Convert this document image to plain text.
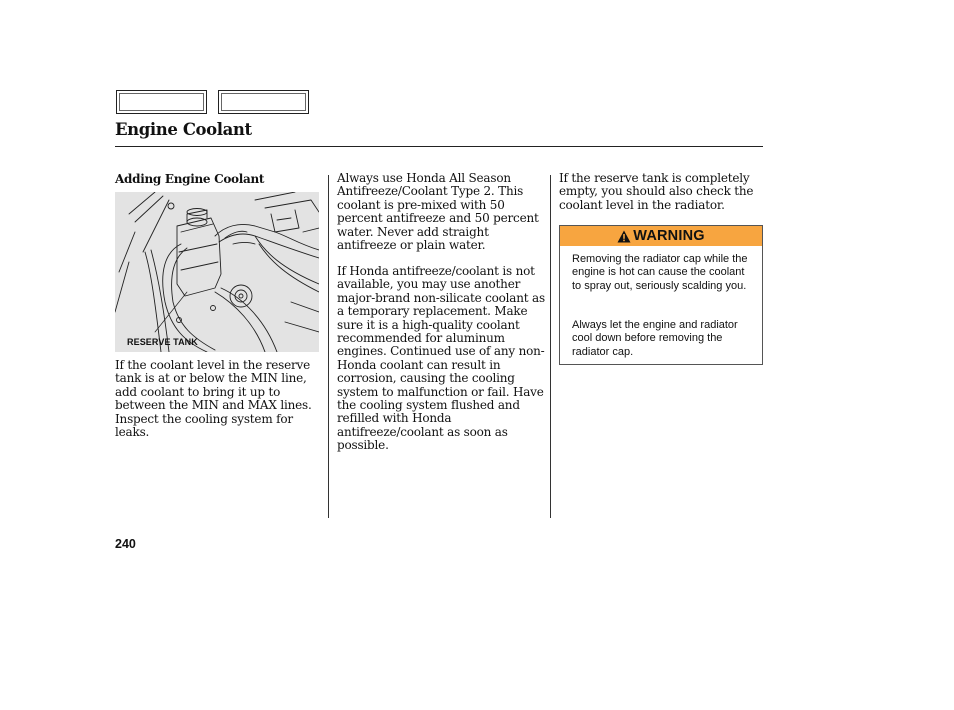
Engine Coolant
Adding Engine Coolant
RESERVE TANK

If the coolant level in the reserve tank is at or below the MIN line, add coolant to bring it up to between the MIN and MAX lines. Inspect the cooling system for leaks.

Always use Honda All Season Antifreeze/Coolant Type 2. This coolant is pre-mixed with 50 percent antifreeze and 50 percent water. Never add straight antifreeze or plain water.

If Honda antifreeze/coolant is not available, you may use another major-brand non-silicate coolant as a temporary replacement. Make sure it is a high-quality coolant recommended for aluminum engines. Continued use of any non-Honda coolant can result in corrosion, causing the cooling system to malfunction or fail. Have the cooling system flushed and refilled with Honda antifreeze/coolant as soon as possible.

If the reserve tank is completely empty, you should also check the coolant level in the radiator.

WARNING

Removing the radiator cap while the engine is hot can cause the coolant to spray out, seriously scalding you.

Always let the engine and radiator cool down before removing the radiator cap.

240
